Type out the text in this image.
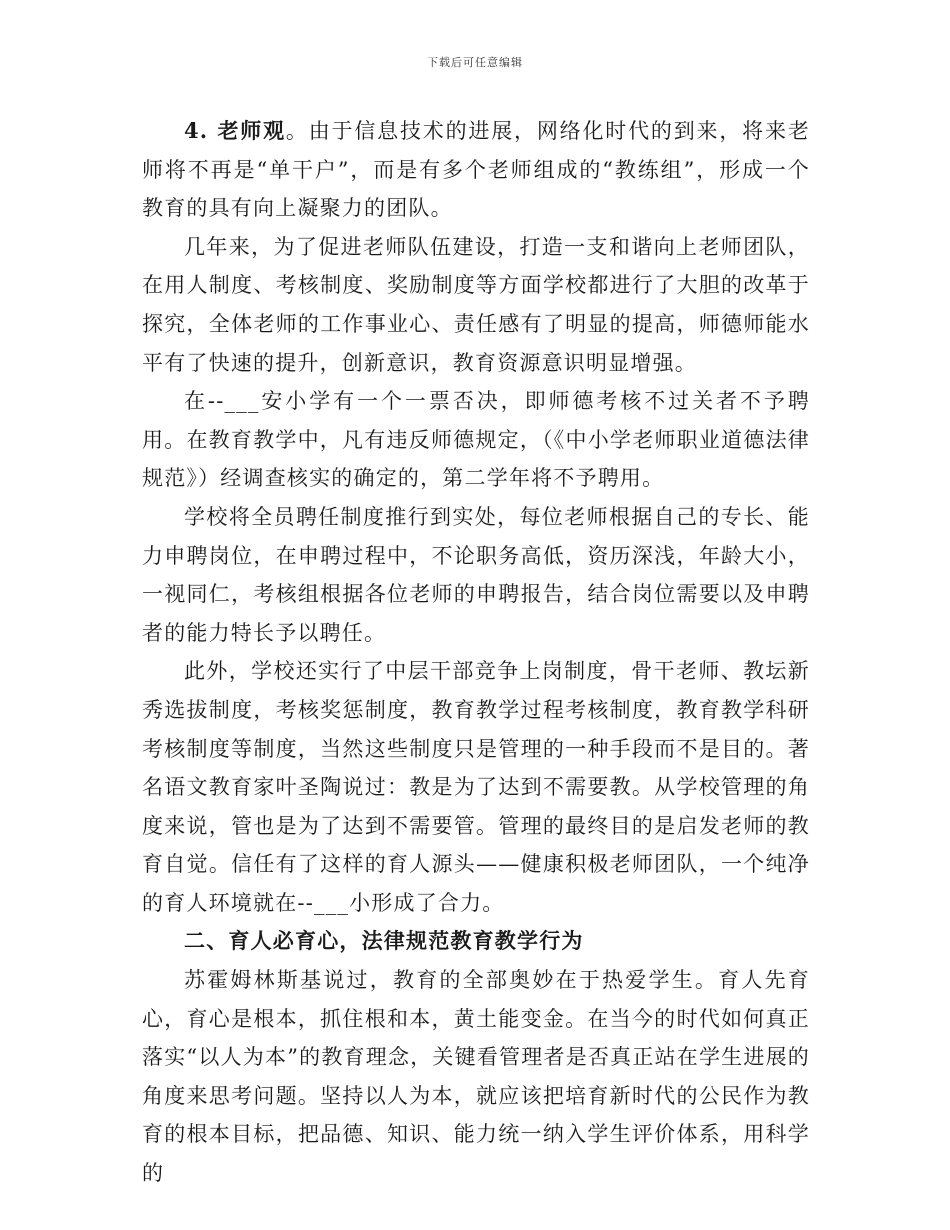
下载后可任意编辑

4. 老师观。由于信息技术的进展，网络化时代的到来，将来老师将不再是“单干户”，而是有多个老师组成的“教练组”，形成一个教育的具有向上凝聚力的团队。

几年来，为了促进老师队伍建设，打造一支和谐向上老师团队，在用人制度、考核制度、奖励制度等方面学校都进行了大胆的改革于探究，全体老师的工作事业心、责任感有了明显的提高，师德师能水平有了快速的提升，创新意识，教育资源意识明显增强。

在--___安小学有一个一票否决，即师德考核不过关者不予聘用。在教育教学中，凡有违反师德规定，（《中小学老师职业道德法律规范》）经调查核实的确定的，第二学年将不予聘用。

学校将全员聘任制度推行到实处，每位老师根据自己的专长、能力申聘岗位，在申聘过程中，不论职务高低，资历深浅，年龄大小，一视同仁，考核组根据各位老师的申聘报告，结合岗位需要以及申聘者的能力特长予以聘任。

此外，学校还实行了中层干部竞争上岗制度，骨干老师、教坛新秀选拔制度，考核奖惩制度，教育教学过程考核制度，教育教学科研考核制度等制度，当然这些制度只是管理的一种手段而不是目的。著名语文教育家叶圣陶说过：教是为了达到不需要教。从学校管理的角度来说，管也是为了达到不需要管。管理的最终目的是启发老师的教育自觉。信任有了这样的育人源头——健康积极老师团队，一个纯净的育人环境就在--___小形成了合力。

二、育人必育心，法律规范教育教学行为

苏霍姆林斯基说过，教育的全部奥妙在于热爱学生。育人先育心，育心是根本，抓住根和本，黄土能变金。在当今的时代如何真正落实“以人为本”的教育理念，关键看管理者是否真正站在学生进展的角度来思考问题。坚持以人为本，就应该把培育新时代的公民作为教育的根本目标，把品德、知识、能力统一纳入学生评价体系，用科学的
